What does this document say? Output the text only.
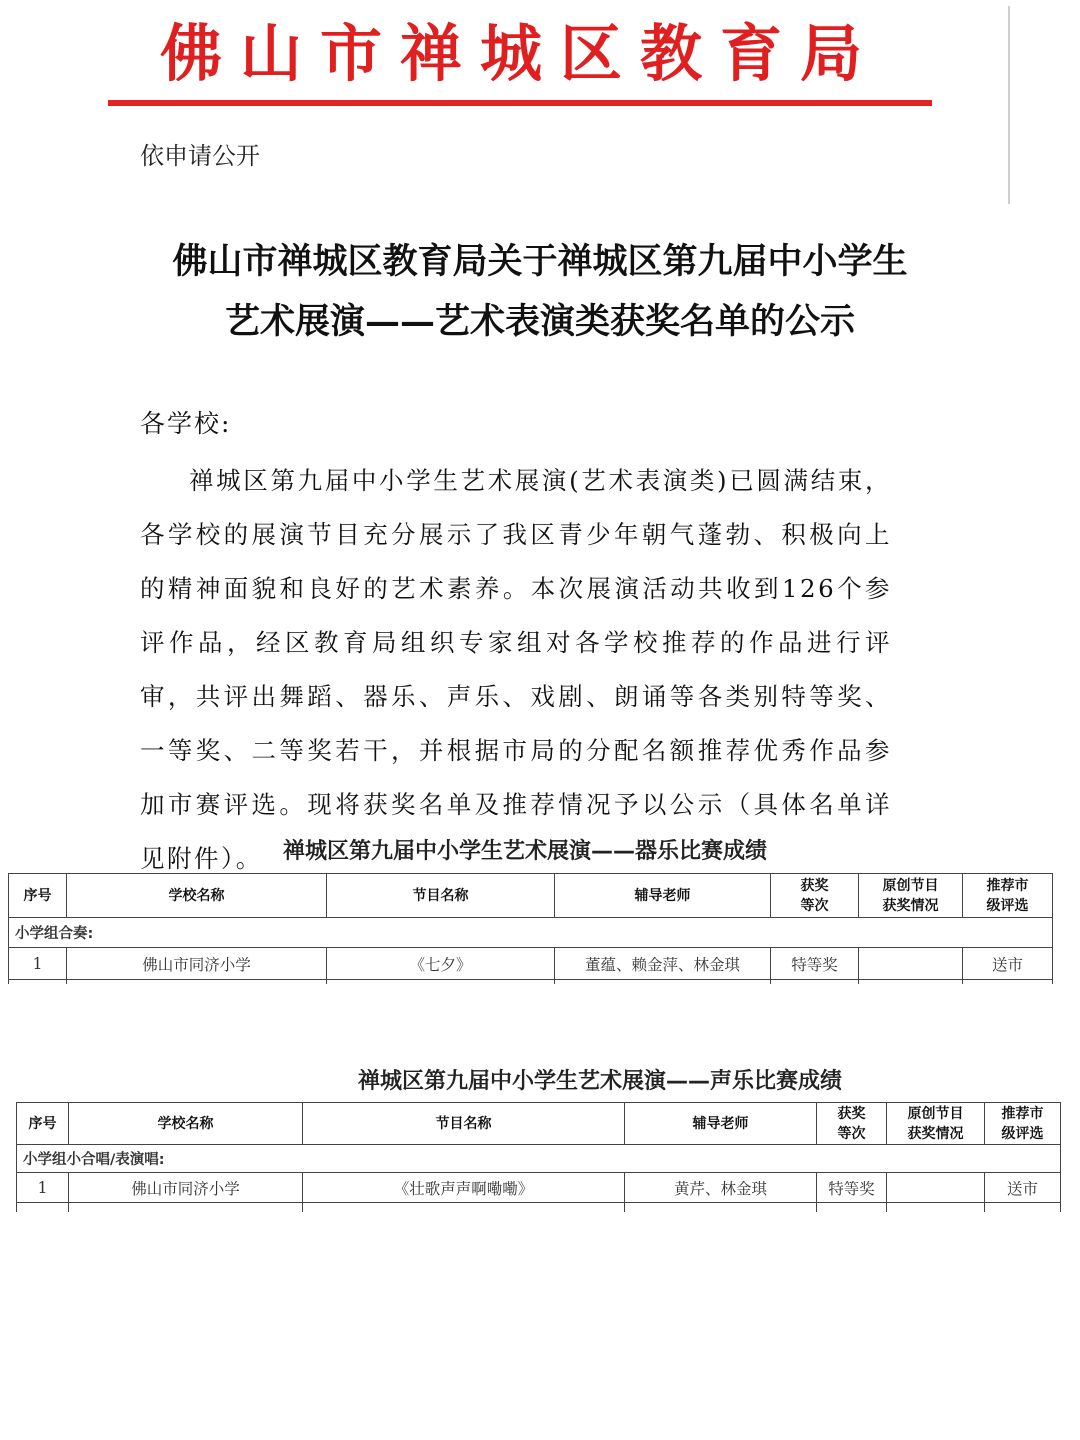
佛山市禅城区教育局
依申请公开
佛山市禅城区教育局关于禅城区第九届中小学生
艺术展演——艺术表演类获奖名单的公示
各学校:

禅城区第九届中小学生艺术展演(艺术表演类)已圆满结束，各学校的展演节目充分展示了我区青少年朝气蓬勃、积极向上的精神面貌和良好的艺术素养。本次展演活动共收到126个参评作品，经区教育局组织专家组对各学校推荐的作品进行评审，共评出舞蹈、器乐、声乐、戏剧、朗诵等各类别特等奖、一等奖、二等奖若干，并根据市局的分配名额推荐优秀作品参加市赛评选。现将获奖名单及推荐情况予以公示（具体名单详见附件）。 禅城区第九届中小学生艺术展演——器乐比赛成绩
序号	学校名称	节目名称	辅导老师	获奖等次	原创节目获奖情况	推荐市级评选

小学组合奏:						
1	佛山市同济小学	《七夕》	董蕴、赖金萍、林金琪	特等奖		送市

禅城区第九届中小学生艺术展演——声乐比赛成绩
序号	学校名称	节目名称	辅导老师	获奖等次	原创节目获奖情况	推荐市级评选

小学组小合唱/表演唱:						
1	佛山市同济小学	《壮歌声声啊嘞嘞》	黄芹、林金琪	特等奖		送市
